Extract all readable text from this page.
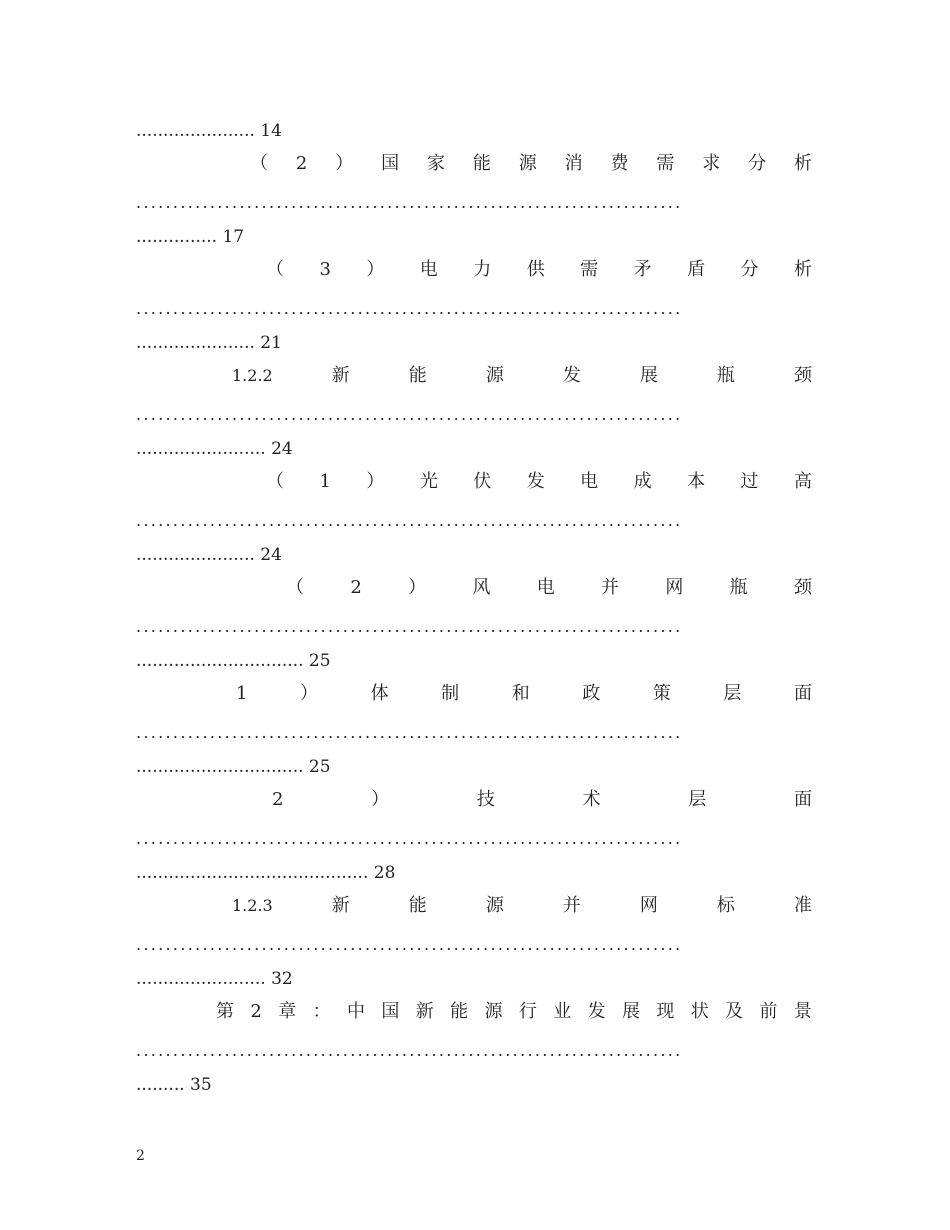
...................... 14
（ 2 ） 国 家 能 源 消 费 需 求 分 析
..........................................................................
............... 17
（ 3 ） 电 力 供 需 矛 盾 分 析
..........................................................................
...................... 21
1.2.2	新	能	源	发	展	瓶	颈
..........................................................................
........................ 24
（ 1 ） 光 伏 发 电 成 本 过 高
..........................................................................
...................... 24
（	2	）	风	电	并	网	瓶	颈
..........................................................................
............................... 25
1	）	体	制	和	政	策	层	面
..........................................................................
............................... 25
2	）	技	术	层	面
..........................................................................
........................................... 28
1.2.3	新	能	源	并	网	标	准
..........................................................................
........................ 32
第 2 章 ： 中 国 新 能 源 行 业 发 展 现 状 及 前 景
..........................................................................
......... 35
2
